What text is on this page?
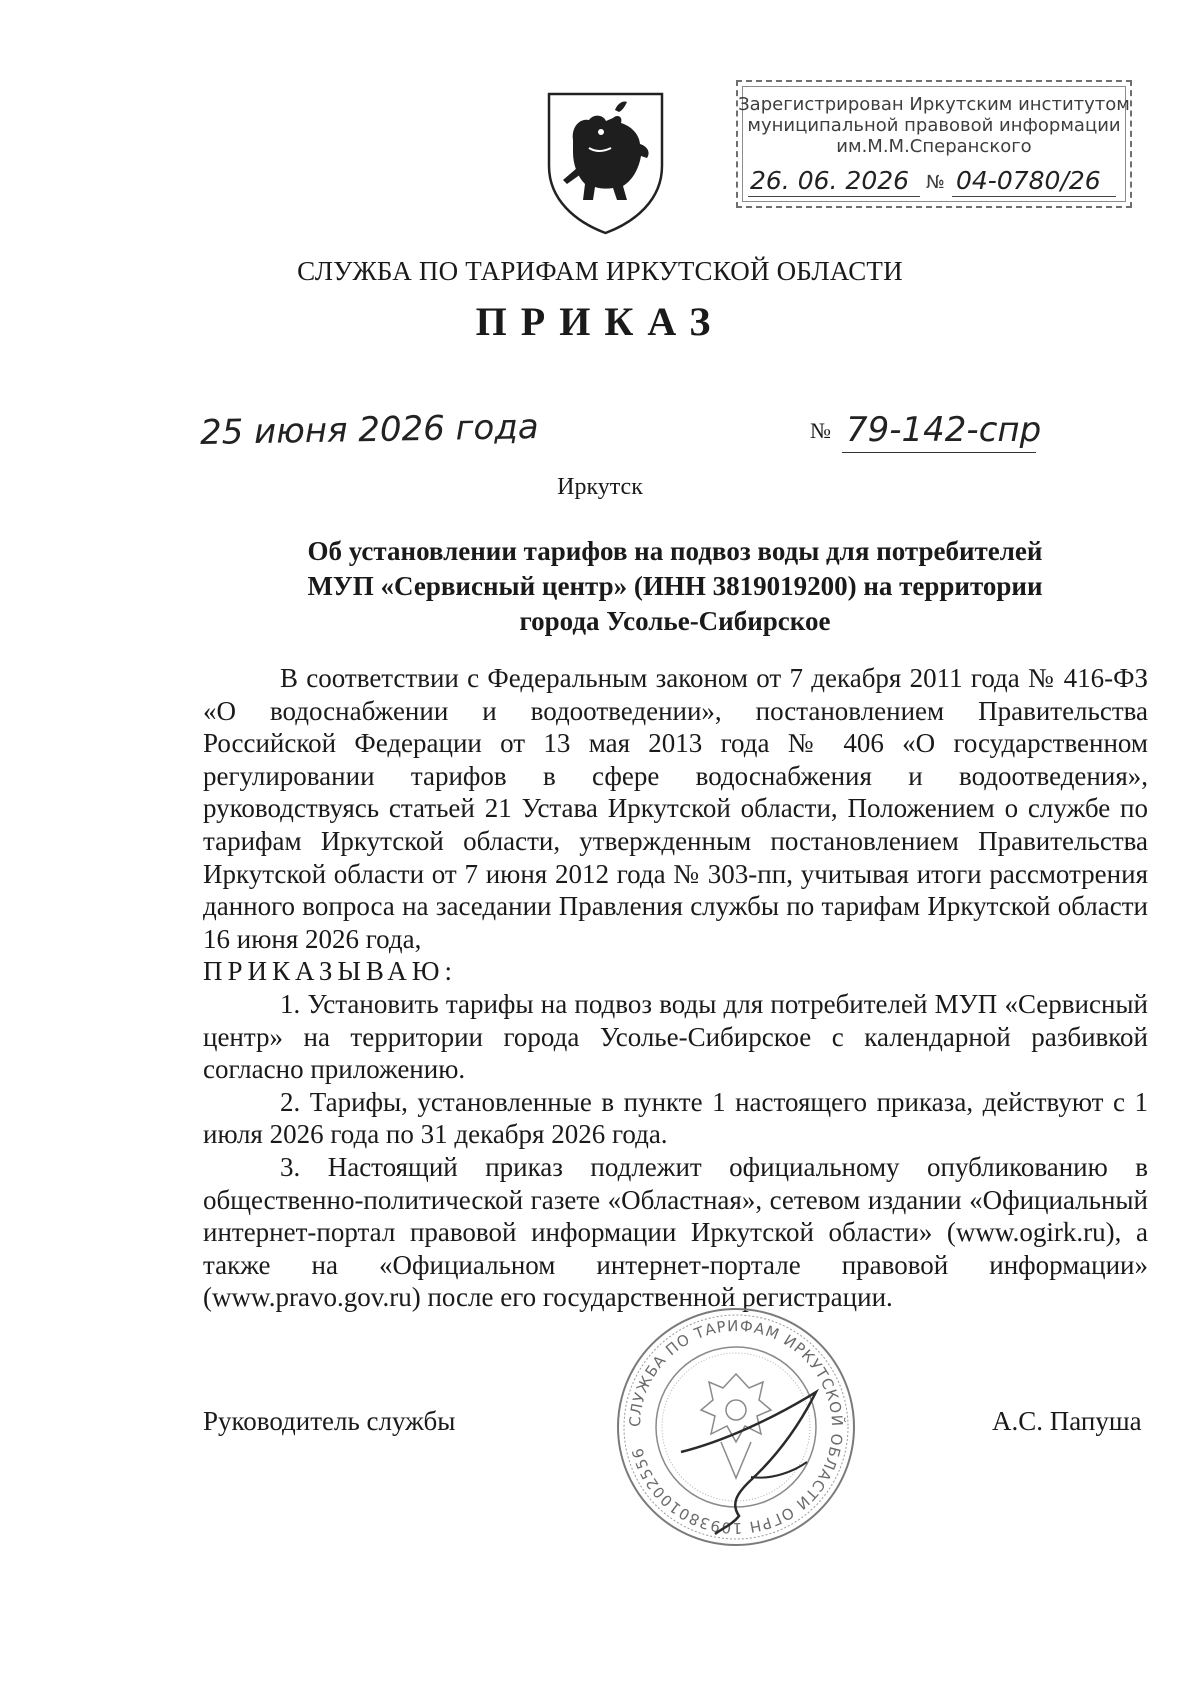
Зарегистрирован Иркутским институтом
муниципальной правовой информации
им.М.М.Сперанского
26. 06. 2026 № 04-0780/26
СЛУЖБА ПО ТАРИФАМ ИРКУТСКОЙ ОБЛАСТИ
ПРИКАЗ
25 июня 2026 года	№ 79-142-спр
Иркутск
Об установлении тарифов на подвоз воды для потребителей
МУП «Сервисный центр» (ИНН 3819019200) на территории
города Усолье-Сибирское

В соответствии с Федеральным законом от 7 декабря 2011 года № 416-ФЗ «О водоснабжении и водоотведении», постановлением Правительства Российской Федерации от 13 мая 2013 года № 406 «О государственном регулировании тарифов в сфере водоснабжения и водоотведения», руководствуясь статьей 21 Устава Иркутской области, Положением о службе по тарифам Иркутской области, утвержденным постановлением Правительства Иркутской области от 7 июня 2012 года № 303-пп, учитывая итоги рассмотрения данного вопроса на заседании Правления службы по тарифам Иркутской области 16 июня 2026 года,

ПРИКАЗЫВАЮ:

1. Установить тарифы на подвоз воды для потребителей МУП «Сервисный центр» на территории города Усолье-Сибирское с календарной разбивкой согласно приложению.

2. Тарифы, установленные в пункте 1 настоящего приказа, действуют с 1 июля 2026 года по 31 декабря 2026 года.

3. Настоящий приказ подлежит официальному опубликованию в общественно-политической газете «Областная», сетевом издании «Официальный интернет-портал правовой информации Иркутской области» (www.ogirk.ru), а также на «Официальном интернет-портале правовой информации» (www.pravo.gov.ru) после его государственной регистрации.

Руководитель службы	А.С. Папуша
СЛУЖБА ПО ТАРИФАМ ИРКУТСКОЙ ОБЛАСТИ ОГРН 1093801002556
